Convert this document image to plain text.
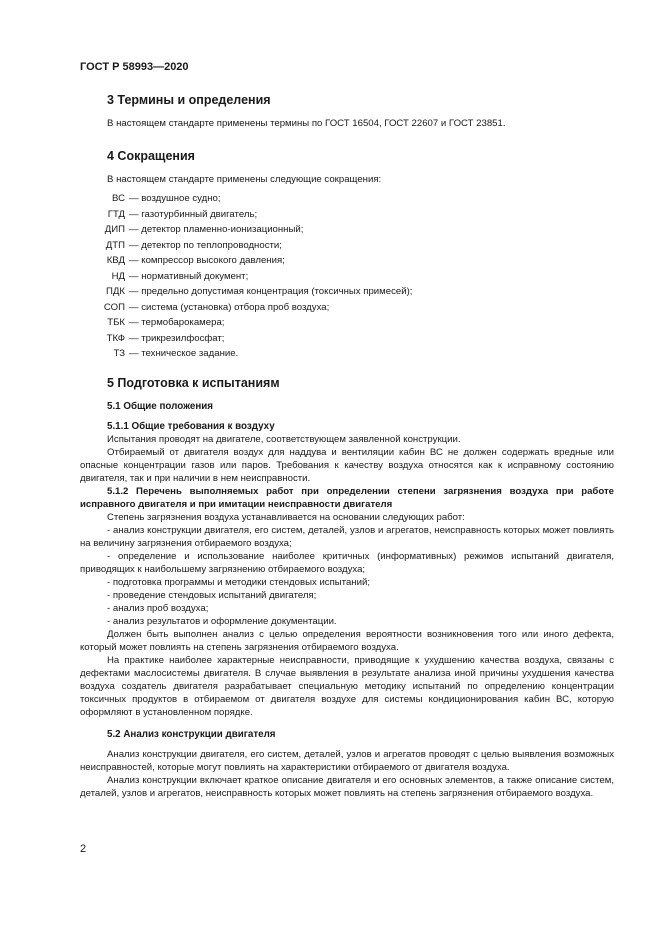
ГОСТ Р 58993—2020
3 Термины и определения
В настоящем стандарте применены термины по ГОСТ 16504, ГОСТ 22607 и ГОСТ 23851.
4 Сокращения
В настоящем стандарте применены следующие сокращения:
ВС — воздушное судно;
ГТД — газотурбинный двигатель;
ДИП — детектор пламенно-ионизационный;
ДТП — детектор по теплопроводности;
КВД — компрессор высокого давления;
НД — нормативный документ;
ПДК — предельно допустимая концентрация (токсичных примесей);
СОП — система (установка) отбора проб воздуха;
ТБК — термобарокамера;
ТКФ — трикрезилфосфат;
ТЗ — техническое задание.
5 Подготовка к испытаниям
5.1 Общие положения
5.1.1 Общие требования к воздуху

Испытания проводят на двигателе, соответствующем заявленной конструкции.

Отбираемый от двигателя воздух для наддува и вентиляции кабин ВС не должен содержать вредные или опасные концентрации газов или паров. Требования к качеству воздуха относятся как к исправному состоянию двигателя, так и при наличии в нем неисправности.

5.1.2 Перечень выполняемых работ при определении степени загрязнения воздуха при работе исправного двигателя и при имитации неисправности двигателя

Степень загрязнения воздуха устанавливается на основании следующих работ:

- анализ конструкции двигателя, его систем, деталей, узлов и агрегатов, неисправность которых может повлиять на величину загрязнения отбираемого воздуха;

- определение и использование наиболее критичных (информативных) режимов испытаний двигателя, приводящих к наибольшему загрязнению отбираемого воздуха;

- подготовка программы и методики стендовых испытаний;

- проведение стендовых испытаний двигателя;

- анализ проб воздуха;

- анализ результатов и оформление документации.

Должен быть выполнен анализ с целью определения вероятности возникновения того или иного дефекта, который может повлиять на степень загрязнения отбираемого воздуха.

На практике наиболее характерные неисправности, приводящие к ухудшению качества воздуха, связаны с дефектами маслосистемы двигателя. В случае выявления в результате анализа иной причины ухудшения качества воздуха создатель двигателя разрабатывает специальную методику испытаний по определению концентрации токсичных продуктов в отбираемом от двигателя воздухе для системы кондиционирования кабин ВС, которую оформляют в установленном порядке.

5.2 Анализ конструкции двигателя

Анализ конструкции двигателя, его систем, деталей, узлов и агрегатов проводят с целью выявления возможных неисправностей, которые могут повлиять на характеристики отбираемого от двигателя воздуха.

Анализ конструкции включает краткое описание двигателя и его основных элементов, а также описание систем, деталей, узлов и агрегатов, неисправность которых может повлиять на степень загрязнения отбираемого воздуха.

2
